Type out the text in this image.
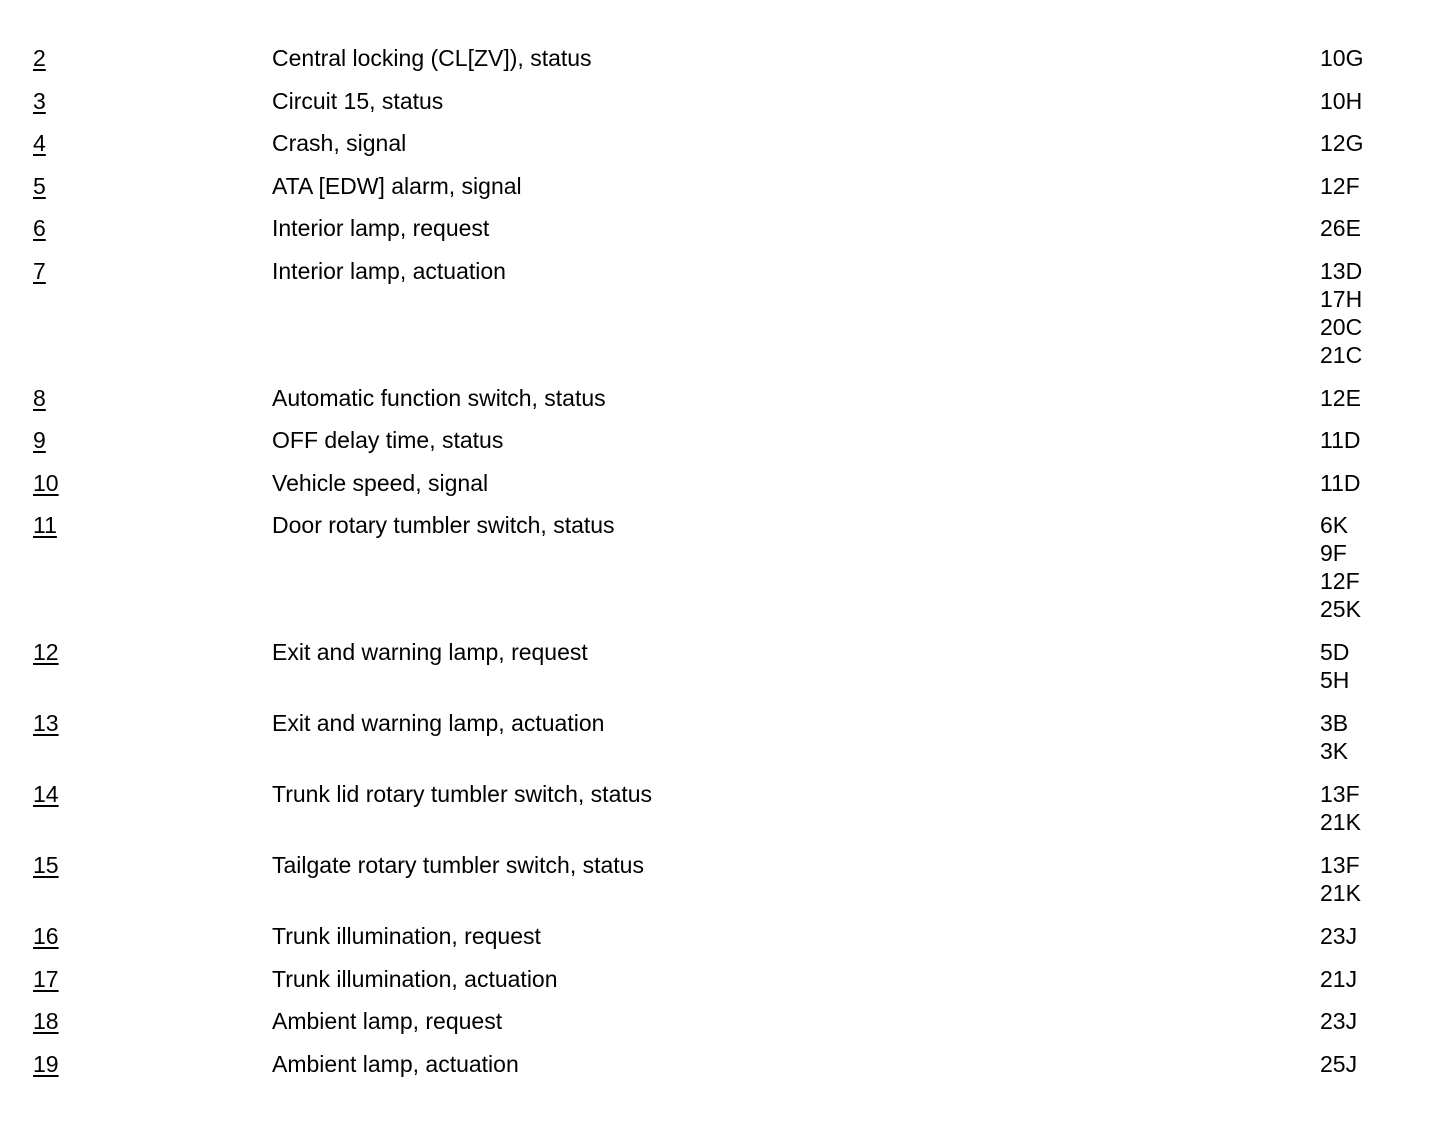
2	Central locking (CL[ZV]), status	10G
3	Circuit 15, status	10H
4	Crash, signal	12G
5	ATA [EDW] alarm, signal	12F
6	Interior lamp, request	26E
7	Interior lamp, actuation	13D
17H
20C
21C
8	Automatic function switch, status	12E
9	OFF delay time, status	11D
10	Vehicle speed, signal	11D
11	Door rotary tumbler switch, status	6K
9F
12F
25K
12	Exit and warning lamp, request	5D
5H
13	Exit and warning lamp, actuation	3B
3K
14	Trunk lid rotary tumbler switch, status	13F
21K
15	Tailgate rotary tumbler switch, status	13F
21K
16	Trunk illumination, request	23J
17	Trunk illumination, actuation	21J
18	Ambient lamp, request	23J
19	Ambient lamp, actuation	25J
